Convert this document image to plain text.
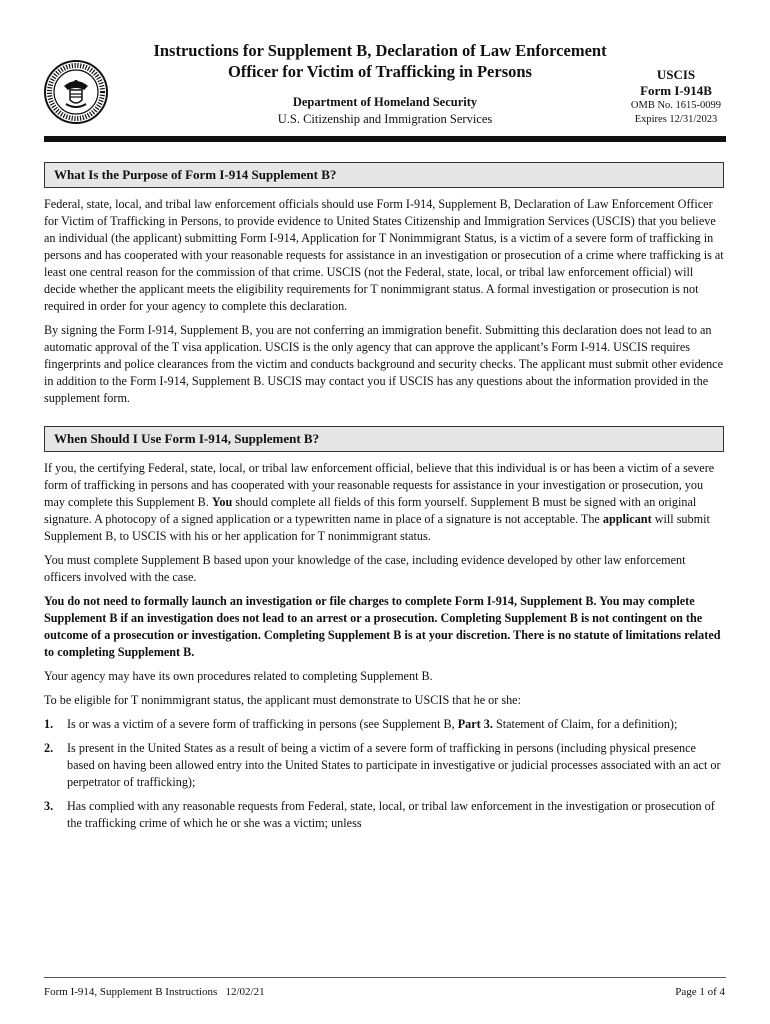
Instructions for Supplement B, Declaration of Law Enforcement
Officer for Victim of Trafficking in Persons
Department of Homeland Security
U.S. Citizenship and Immigration Services
USCIS
Form I-914B
OMB No. 1615-0099
Expires 12/31/2023
What Is the Purpose of Form I-914 Supplement B?

Federal, state, local, and tribal law enforcement officials should use Form I-914, Supplement B, Declaration of Law Enforcement Officer for Victim of Trafficking in Persons, to provide evidence to United States Citizenship and Immigration Services (USCIS) that you believe an individual (the applicant) submitting Form I-914, Application for T Nonimmigrant Status, is a victim of a severe form of trafficking in persons and has cooperated with your reasonable requests for assistance in an investigation or prosecution of a crime where trafficking is at least one central reason for the commission of that crime. USCIS (not the Federal, state, local, or tribal law enforcement official) will decide whether the applicant meets the eligibility requirements for T nonimmigrant status. A formal investigation or prosecution is not required in order for your agency to complete this declaration.

By signing the Form I-914, Supplement B, you are not conferring an immigration benefit. Submitting this declaration does not lead to an automatic approval of the T visa application. USCIS is the only agency that can approve the applicant’s Form I-914. USCIS requires fingerprints and police clearances from the victim and conducts background and security checks. The applicant must submit other evidence in addition to the Form I-914, Supplement B. USCIS may contact you if USCIS has any questions about the information provided in the supplement form.

When Should I Use Form I-914, Supplement B?

If you, the certifying Federal, state, local, or tribal law enforcement official, believe that this individual is or has been a victim of a severe form of trafficking in persons and has cooperated with your reasonable requests for assistance in your investigation or prosecution, you may complete this Supplement B. You should complete all fields of this form yourself. Supplement B must be signed with an original signature. A photocopy of a signed application or a typewritten name in place of a signature is not acceptable. The applicant will submit Supplement B, to USCIS with his or her application for T nonimmigrant status.

You must complete Supplement B based upon your knowledge of the case, including evidence developed by other law enforcement officers involved with the case.

You do not need to formally launch an investigation or file charges to complete Form I-914, Supplement B. You may complete Supplement B if an investigation does not lead to an arrest or a prosecution. Completing Supplement B is not contingent on the outcome of a prosecution or investigation. Completing Supplement B is at your discretion. There is no statute of limitations related to completing Supplement B.

Your agency may have its own procedures related to completing Supplement B.

To be eligible for T nonimmigrant status, the applicant must demonstrate to USCIS that he or she:

1. Is or was a victim of a severe form of trafficking in persons (see Supplement B, Part 3. Statement of Claim, for a definition);
2. Is present in the United States as a result of being a victim of a severe form of trafficking in persons (including physical presence based on having been allowed entry into the United States to participate in investigative or judicial processes associated with an act or perpetrator of trafficking);
3. Has complied with any reasonable requests from Federal, state, local, or tribal law enforcement in the investigation or prosecution of the trafficking crime of which he or she was a victim; unless
Form I-914, Supplement B Instructions   12/02/21	Page 1 of 4
